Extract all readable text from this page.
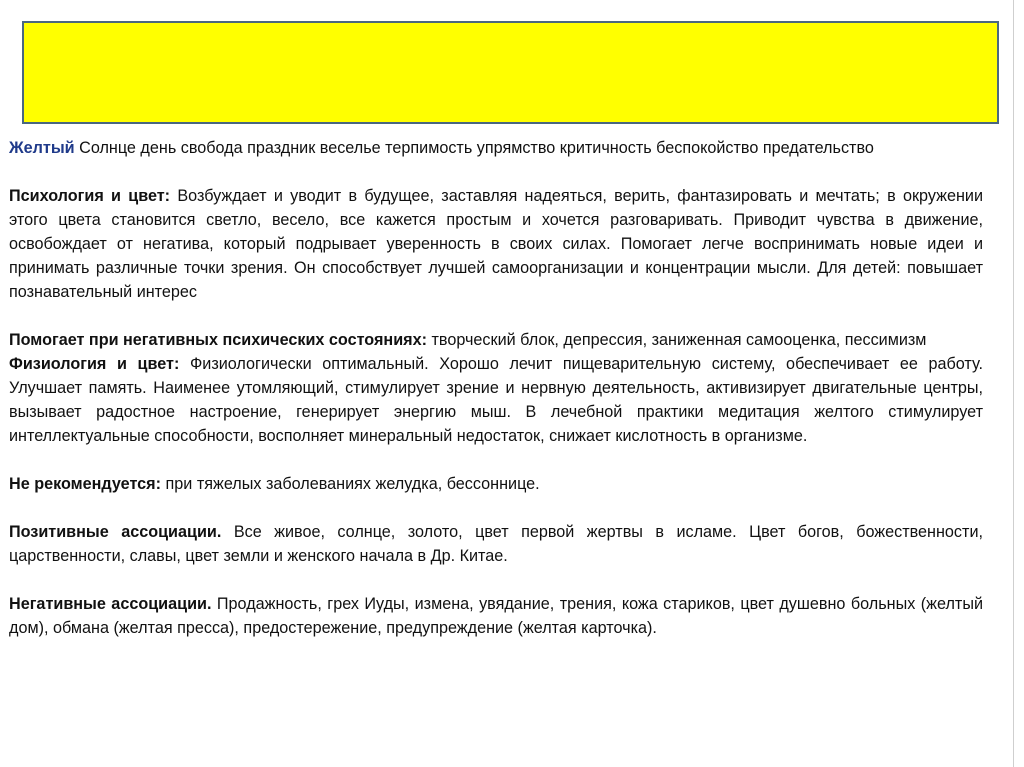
Желтый Солнце день свобода праздник веселье терпимость упрямство критичность беспокойство предательство

Психология и цвет: Возбуждает и уводит в будущее, заставляя надеяться, верить, фантазировать и мечтать; в окружении этого цвета становится светло, весело, все кажется простым и хочется разговаривать. Приводит чувства в движение, освобождает от негатива, который подрывает уверенность в своих силах. Помогает легче воспринимать новые идеи и принимать различные точки зрения. Он способствует лучшей самоорганизации и концентрации мысли. Для детей: повышает познавательный интерес

Помогает при негативных психических состояниях: творческий блок, депрессия, заниженная самооценка, пессимизм

Физиология и цвет: Физиологически оптимальный. Хорошо лечит пищеварительную систему, обеспечивает ее работу. Улучшает память. Наименее утомляющий, стимулирует зрение и нервную деятельность, активизирует двигательные центры, вызывает радостное настроение, генерирует энергию мыш. В лечебной практики медитация желтого стимулирует интеллектуальные способности, восполняет минеральный недостаток, снижает кислотность в организме.

Не рекомендуется: при тяжелых заболеваниях желудка, бессоннице.

Позитивные ассоциации. Все живое, солнце, золото, цвет первой жертвы в исламе. Цвет богов, божественности, царственности, славы, цвет земли и женского начала в Др. Китае.

Негативные ассоциации. Продажность, грех Иуды, измена, увядание, трения, кожа стариков, цвет душевно больных (желтый дом), обмана (желтая пресса), предостережение, предупреждение (желтая карточка).
